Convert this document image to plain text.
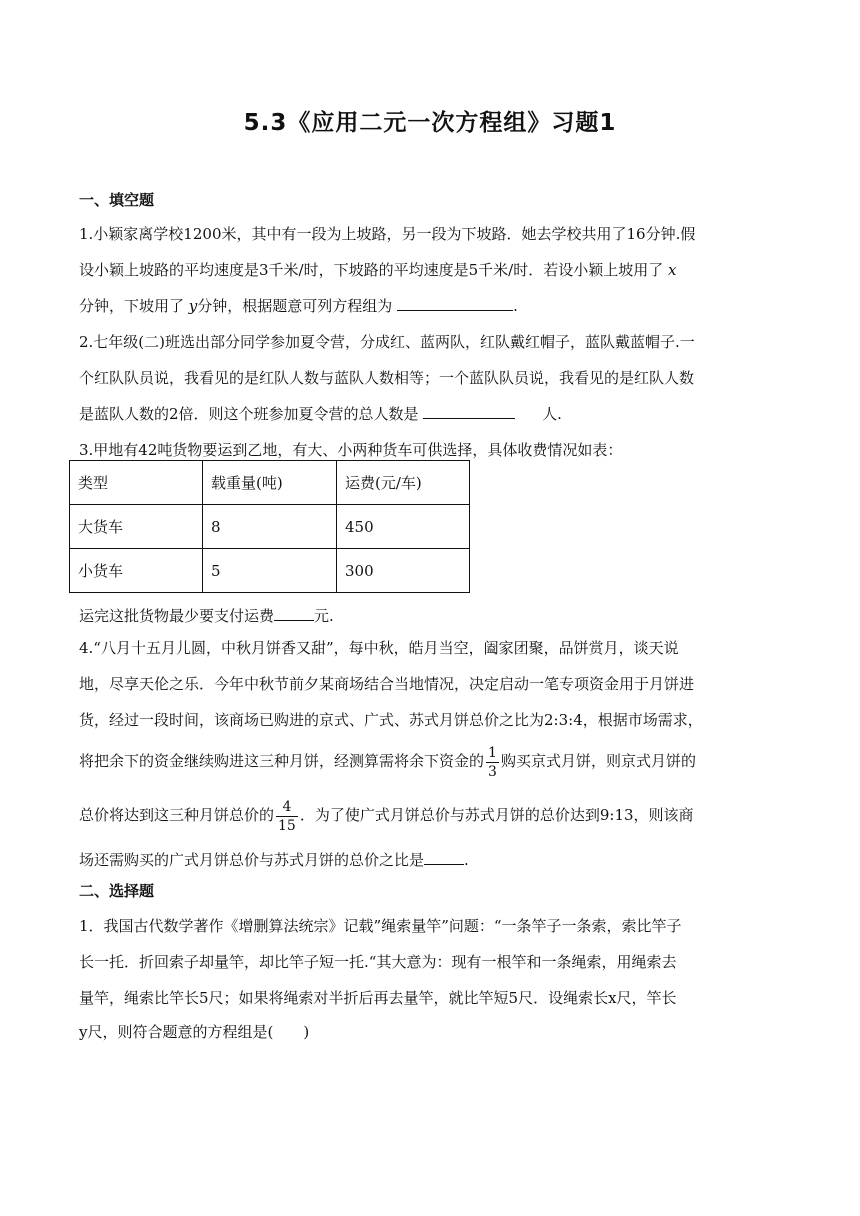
5.3《应用二元一次方程组》习题1
一、填空题
1.小颖家离学校1200米，其中有一段为上坡路，另一段为下坡路．她去学校共用了16分钟.假
设小颖上坡路的平均速度是3千米/时，下坡路的平均速度是5千米/时．若设小颖上坡用了 x
分钟，下坡用了 y分钟，根据题意可列方程组为	.
2.七年级(二)班选出部分同学参加夏令营，分成红、蓝两队，红队戴红帽子，蓝队戴蓝帽子.一
个红队队员说，我看见的是红队人数与蓝队人数相等；一个蓝队队员说，我看见的是红队人数
是蓝队人数的2倍．则这个班参加夏令营的总人数是	人.
3.甲地有42吨货物要运到乙地，有大、小两种货车可供选择，具体收费情况如表：
类型	载重量(吨)	运费(元/车)
大货车	8	450
小货车	5	300
运完这批货物最少要支付运费	元.
4.“八月十五月儿圆，中秋月饼香又甜”，每中秋，皓月当空，阖家团聚，品饼赏月，谈天说
地，尽享天伦之乐．今年中秋节前夕某商场结合当地情况，决定启动一笔专项资金用于月饼进
货，经过一段时间，该商场已购进的京式、广式、苏式月饼总价之比为2:3:4，根据市场需求，
将把余下的资金继续购进这三种月饼，经测算需将余下资金的 $\frac{1}{3}$ 购买京式月饼，则京式月饼的
总价将达到这三种月饼总价的 $\frac{4}{15}$ ．为了使广式月饼总价与苏式月饼的总价达到9:13，则该商
场还需购买的广式月饼总价与苏式月饼的总价之比是	.
二、选择题
1．我国古代数学著作《增删算法统宗》记载”绳索量竿”问题：“一条竿子一条索，索比竿子
长一托．折回索子却量竿，却比竿子短一托.“其大意为：现有一根竿和一条绳索，用绳索去
量竿，绳索比竿长5尺；如果将绳索对半折后再去量竿，就比竿短5尺．设绳索长x尺，竿长
y尺，则符合题意的方程组是(　　)
